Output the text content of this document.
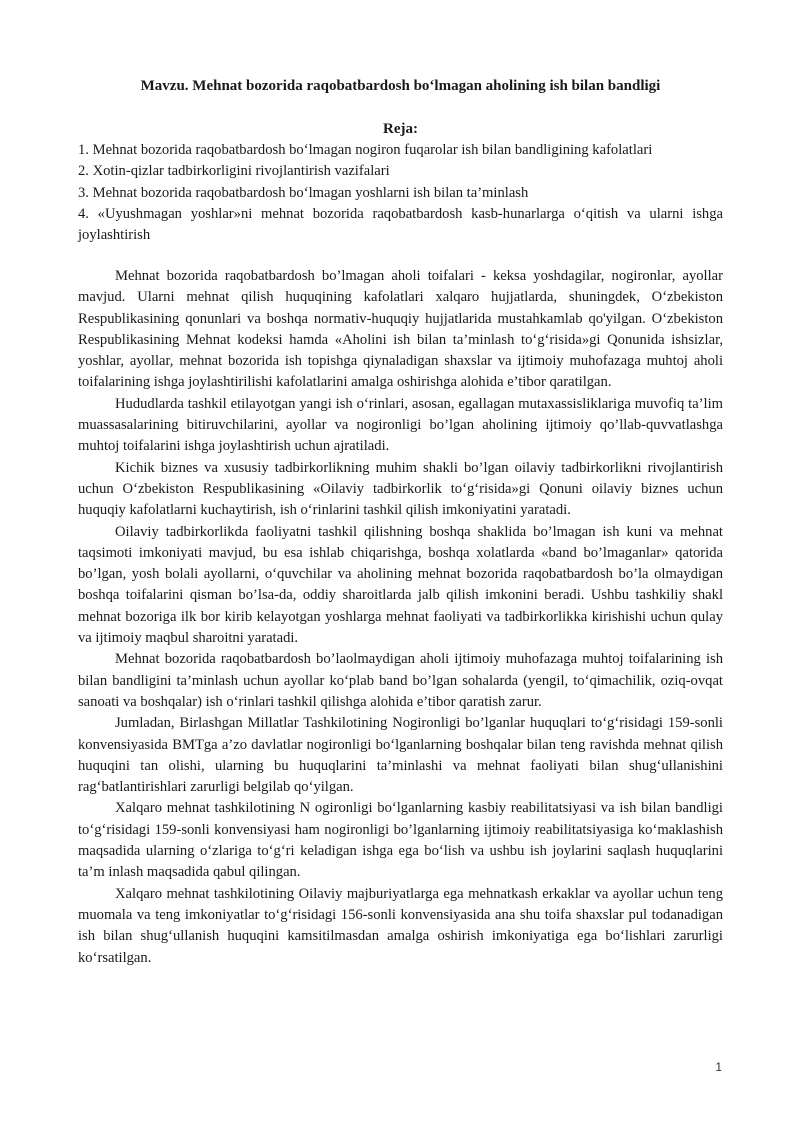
Mavzu. Mehnat bozorida raqobatbardosh bo‘lmagan aholining ish bilan bandligi
Reja:
1. Mehnat bozorida raqobatbardosh bo‘lmagan nogiron fuqarolar ish bilan bandligining kafolatlari
2. Xotin-qizlar tadbirkorligini rivojlantirish vazifalari
3. Mehnat bozorida raqobatbardosh bo‘lmagan yoshlarni ish bilan ta’minlash
4. «Uyushmagan yoshlar»ni mehnat bozorida raqobatbardosh kasb-hunarlarga o‘qitish va ularni ishga joylashtirish

Mehnat bozorida raqobatbardosh bo’lmagan aholi toifalari - keksa yoshdagilar, nogironlar, ayollar mavjud. Ularni mehnat qilish huquqining kafolatlari xalqaro hujjatlarda, shuningdek, O‘zbekiston Respublikasining qonunlari va boshqa normativ-huquqiy hujjatlarida mustahkamlab qo'yilgan. O‘zbekiston Respublikasining Mehnat kodeksi hamda «Aholini ish bilan ta’minlash to‘g‘risida»gi Qonunida ishsizlar, yoshlar, ayollar, mehnat bozorida ish topishga qiynaladigan shaxslar va ijtimoiy muhofazaga muhtoj aholi toifalarining ishga joylashtirilishi kafolatlarini amalga oshirishga alohida e’tibor qaratilgan.

Hududlarda tashkil etilayotgan yangi ish o‘rinlari, asosan, egallagan mutaxassisliklariga muvofiq ta’lim muassasalarining bitiruvchilarini, ayollar va nogironligi bo’lgan aholining ijtimoiy qo’llab-quvvatlashga muhtoj toifalarini ishga joylashtirish uchun ajratiladi.

Kichik biznes va xususiy tadbirkorlikning muhim shakli bo’lgan oilaviy tadbirkorlikni rivojlantirish uchun O‘zbekiston Respublikasining «Oilaviy tadbirkorlik to‘g‘risida»gi Qonuni oilaviy biznes uchun huquqiy kafolatlarni kuchaytirish, ish o‘rinlarini tashkil qilish imkoniyatini yaratadi.

Oilaviy tadbirkorlikda faoliyatni tashkil qilishning boshqa shaklida bo’lmagan ish kuni va mehnat taqsimoti imkoniyati mavjud, bu esa ishlab chiqarishga, boshqa xolatlarda «band bo’lmaganlar» qatorida bo’lgan, yosh bolali ayollarni, o‘quvchilar va aholining mehnat bozorida raqobatbardosh bo’la olmaydigan boshqa toifalarini qisman bo’lsa-da, oddiy sharoitlarda jalb qilish imkonini beradi. Ushbu tashkiliy shakl mehnat bozoriga ilk bor kirib kelayotgan yoshlarga mehnat faoliyati va tadbirkorlikka kirishishi uchun qulay va ijtimoiy maqbul sharoitni yaratadi.

Mehnat bozorida raqobatbardosh bo’laolmaydigan aholi ijtimoiy muhofazaga muhtoj toifalarining ish bilan bandligini ta’minlash uchun ayollar ko‘plab band bo’lgan sohalarda (yengil, to‘qimachilik, oziq-ovqat sanoati va boshqalar) ish o‘rinlari tashkil qilishga alohida e’tibor qaratish zarur.

Jumladan, Birlashgan Millatlar Tashkilotining Nogironligi bo’lganlar huquqlari to‘g‘risidagi 159-sonli konvensiyasida BMTga a’zo davlatlar nogironligi bo‘lganlarning boshqalar bilan teng ravishda mehnat qilish huquqini tan olishi, ularning bu huquqlarini ta’minlashi va mehnat faoliyati bilan shug‘ullanishini rag‘batlantirishlari zarurligi belgilab qo‘yilgan.

Xalqaro mehnat tashkilotining N ogironligi bo‘lganlarning kasbiy reabilitatsiyasi va ish bilan bandligi to‘g‘risidagi 159-sonli konvensiyasi ham nogironligi bo’lganlarning ijtimoiy reabilitatsiyasiga ko‘maklashish maqsadida ularning o‘zlariga to‘g‘ri keladigan ishga ega bo‘lish va ushbu ish joylarini saqlash huquqlarini ta’m inlash maqsadida qabul qilingan.

Xalqaro mehnat tashkilotining Oilaviy majburiyatlarga ega mehnatkash erkaklar va ayollar uchun teng muomala va teng imkoniyatlar to‘g‘risidagi 156-sonli konvensiyasida ana shu toifa shaxslar pul todanadigan ish bilan shug‘ullanish huquqini kamsitilmasdan amalga oshirish imkoniyatiga ega bo‘lishlari zarurligi ko‘rsatilgan.

1
